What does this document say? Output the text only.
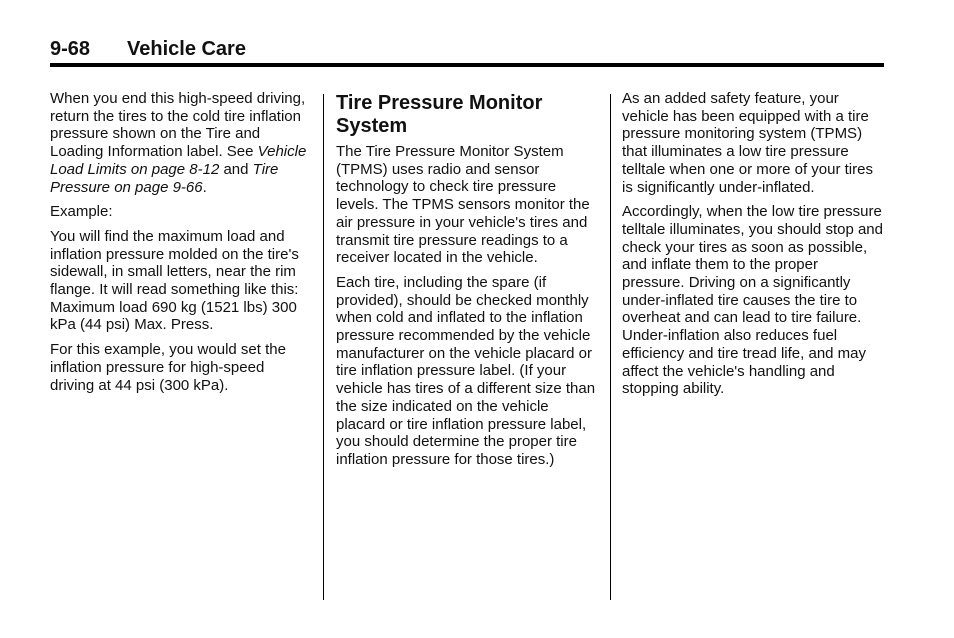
9-68 Vehicle Care

When you end this high-speed driving, return the tires to the cold tire inflation pressure shown on the Tire and Loading Information label. See Vehicle Load Limits on page 8-12 and Tire Pressure on page 9-66.

Example:

You will find the maximum load and inflation pressure molded on the tire's sidewall, in small letters, near the rim flange. It will read something like this: Maximum load 690 kg (1521 lbs) 300 kPa (44 psi) Max. Press.

For this example, you would set the inflation pressure for high-speed driving at 44 psi (300 kPa).

Tire Pressure Monitor System

The Tire Pressure Monitor System (TPMS) uses radio and sensor technology to check tire pressure levels. The TPMS sensors monitor the air pressure in your vehicle's tires and transmit tire pressure readings to a receiver located in the vehicle.

Each tire, including the spare (if provided), should be checked monthly when cold and inflated to the inflation pressure recommended by the vehicle manufacturer on the vehicle placard or tire inflation pressure label. (If your vehicle has tires of a different size than the size indicated on the vehicle placard or tire inflation pressure label, you should determine the proper tire inflation pressure for those tires.)

As an added safety feature, your vehicle has been equipped with a tire pressure monitoring system (TPMS) that illuminates a low tire pressure telltale when one or more of your tires is significantly under-inflated.

Accordingly, when the low tire pressure telltale illuminates, you should stop and check your tires as soon as possible, and inflate them to the proper pressure. Driving on a significantly under-inflated tire causes the tire to overheat and can lead to tire failure. Under-inflation also reduces fuel efficiency and tire tread life, and may affect the vehicle's handling and stopping ability.
